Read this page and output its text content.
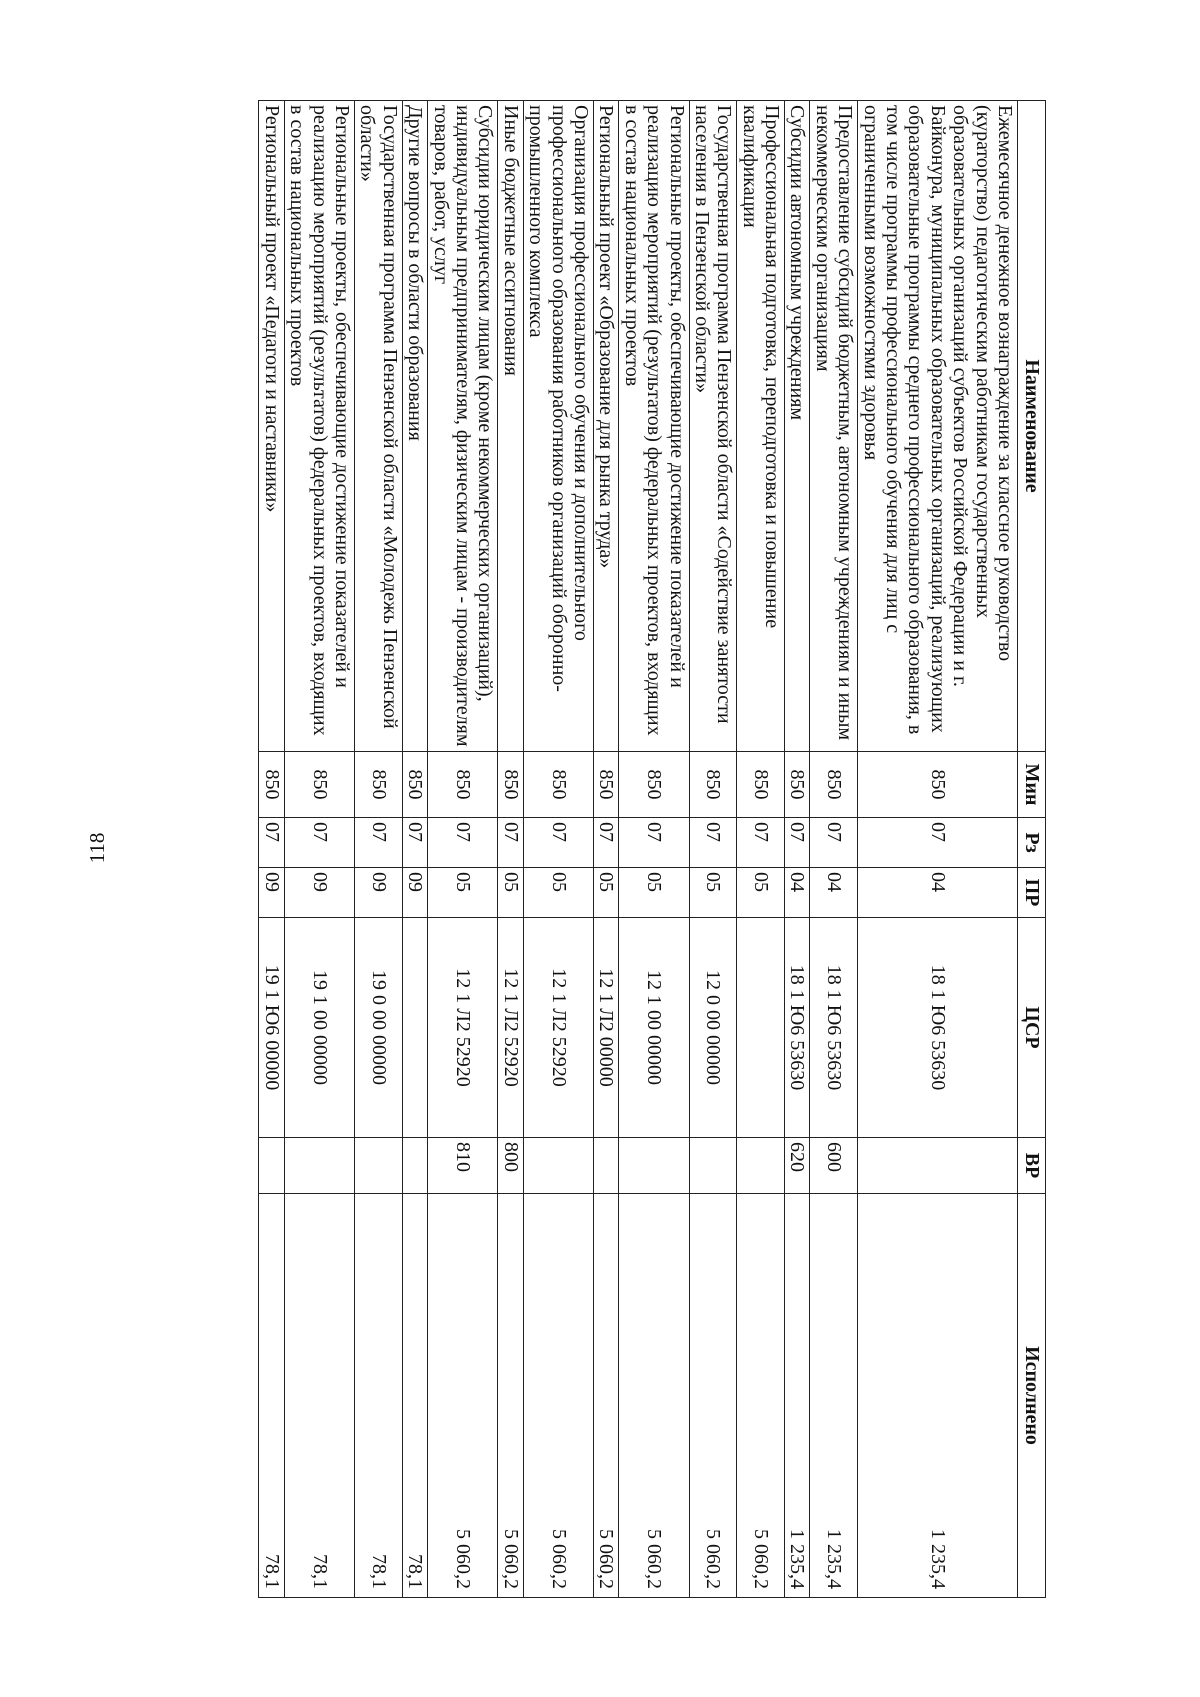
118
Наименование	Мин	Рз	ПР	ЦСР	ВР	Исполнено
Ежемесячное денежное вознаграждение за классное руководство (кураторство) педагогическим работникам государственных образовательных организаций субъектов Российской Федерации и г. Байконура, муниципальных образовательных организаций, реализующих образовательные программы среднего профессионального образования, в том числе программы профессионального обучения для лиц с ограниченными возможностями здоровья	850	07	04	18 1 Ю6 53630		1 235,4
Предоставление субсидий бюджетным, автономным учреждениям и иным некоммерческим организациям	850	07	04	18 1 Ю6 53630	600	1 235,4
Субсидии автономным учреждениям	850	07	04	18 1 Ю6 53630	620	1 235,4
Профессиональная подготовка, переподготовка и повышение квалификации	850	07	05			5 060,2
Государственная программа Пензенской области «Содействие занятости населения в Пензенской области»	850	07	05	12 0 00 00000		5 060,2
Региональные проекты, обеспечивающие достижение показателей и реализацию мероприятий (результатов) федеральных проектов, входящих в состав национальных проектов	850	07	05	12 1 00 00000		5 060,2
Региональный проект «Образование для рынка труда»	850	07	05	12 1 Л2 00000		5 060,2
Организация профессионального обучения и дополнительного профессионального образования работников организаций оборонно-промышленного комплекса	850	07	05	12 1 Л2 52920		5 060,2
Иные бюджетные ассигнования	850	07	05	12 1 Л2 52920	800	5 060,2
Субсидии юридическим лицам (кроме некоммерческих организаций), индивидуальным предпринимателям, физическим лицам - производителям товаров, работ, услуг	850	07	05	12 1 Л2 52920	810	5 060,2
Другие вопросы в области образования	850	07	09			78,1
Государственная программа Пензенской области «Молодежь Пензенской области»	850	07	09	19 0 00 00000		78,1
Региональные проекты, обеспечивающие достижение показателей и реализацию мероприятий (результатов) федеральных проектов, входящих в состав национальных проектов	850	07	09	19 1 00 00000		78,1
Региональный проект «Педагоги и наставники»	850	07	09	19 1 Ю6 00000		78,1
